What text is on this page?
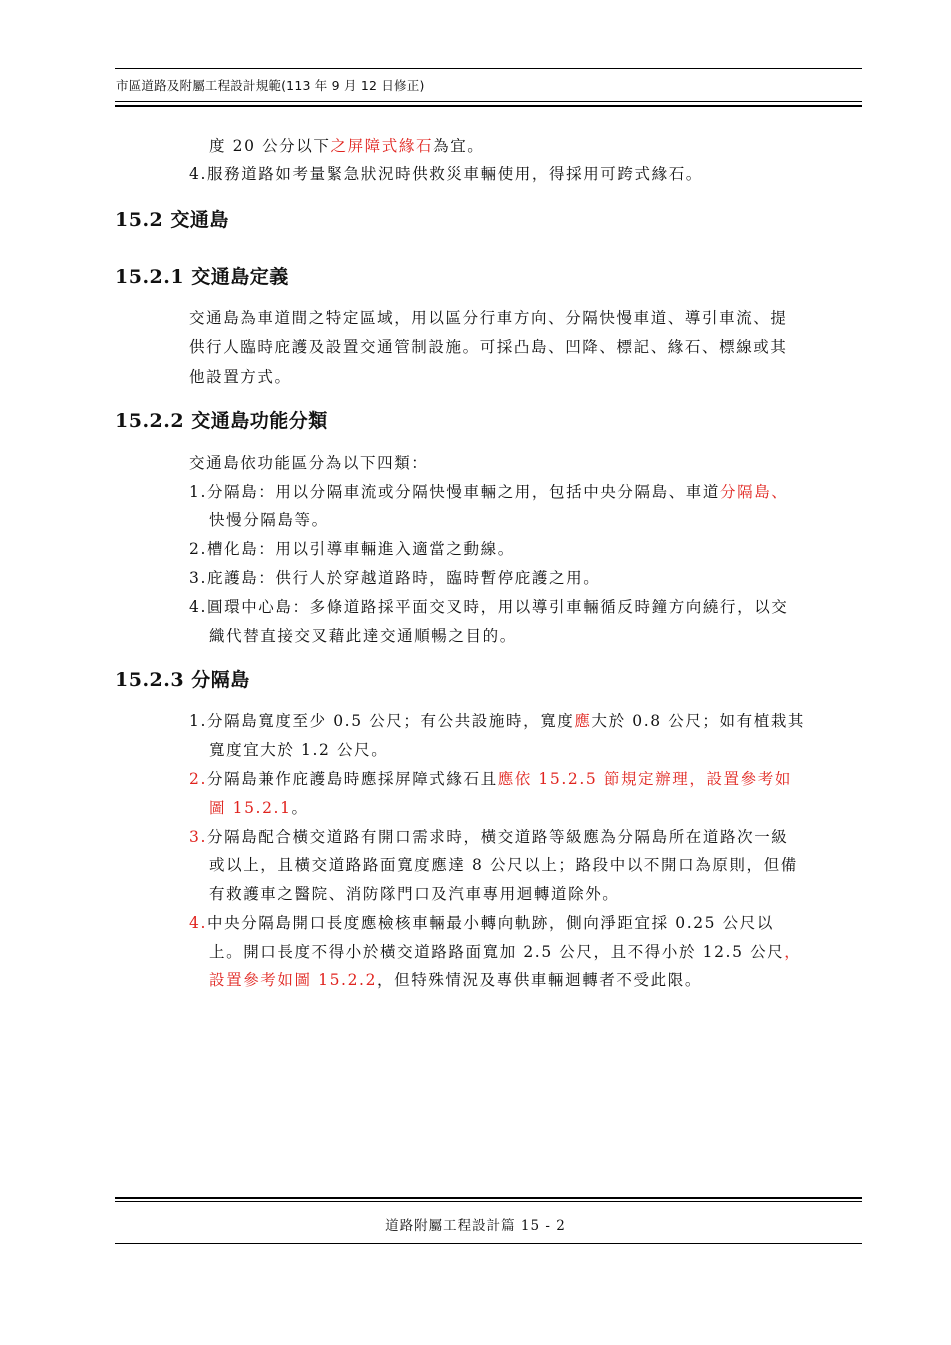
市區道路及附屬工程設計規範(113 年 9 月 12 日修正)
度 20 公分以下之屏障式緣石為宜。
4.服務道路如考量緊急狀況時供救災車輛使用，得採用可跨式緣石。
15.2 交通島
15.2.1 交通島定義
交通島為車道間之特定區域，用以區分行車方向、分隔快慢車道、導引車流、提
供行人臨時庇護及設置交通管制設施。可採凸島、凹降、標記、緣石、標線或其
他設置方式。
15.2.2 交通島功能分類
交通島依功能區分為以下四類：
1.分隔島：用以分隔車流或分隔快慢車輛之用，包括中央分隔島、車道分隔島、
快慢分隔島等。
2.槽化島：用以引導車輛進入適當之動線。
3.庇護島：供行人於穿越道路時，臨時暫停庇護之用。
4.圓環中心島：多條道路採平面交叉時，用以導引車輛循反時鐘方向繞行，以交
織代替直接交叉藉此達交通順暢之目的。
15.2.3 分隔島
1.分隔島寬度至少 0.5 公尺；有公共設施時，寬度應大於 0.8 公尺；如有植栽其
寬度宜大於 1.2 公尺。
2.分隔島兼作庇護島時應採屏障式緣石且應依 15.2.5 節規定辦理，設置參考如
圖 15.2.1。
3.分隔島配合橫交道路有開口需求時，橫交道路等級應為分隔島所在道路次一級
或以上，且橫交道路路面寬度應達 8 公尺以上；路段中以不開口為原則，但備
有救護車之醫院、消防隊門口及汽車專用迴轉道除外。
4.中央分隔島開口長度應檢核車輛最小轉向軌跡，側向淨距宜採 0.25 公尺以
上。開口長度不得小於橫交道路路面寬加 2.5 公尺，且不得小於 12.5 公尺，
設置參考如圖 15.2.2，但特殊情況及專供車輛迴轉者不受此限。
道路附屬工程設計篇 15 - 2
